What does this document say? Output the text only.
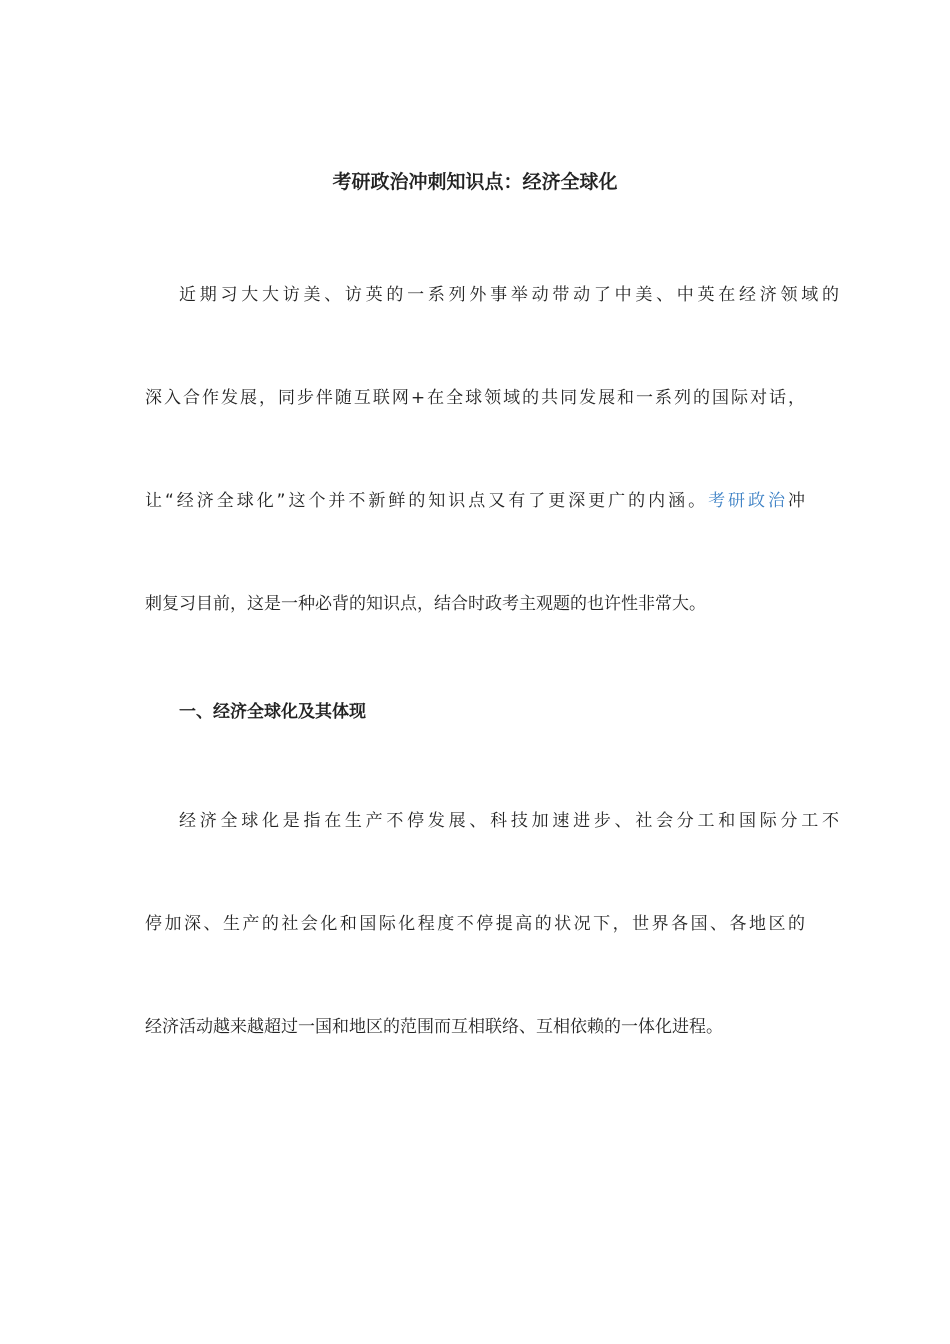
考研政治冲刺知识点：经济全球化
近期习大大访美、访英的一系列外事举动带动了中美、中英在经济领域的
深入合作发展，同步伴随互联网+在全球领域的共同发展和一系列的国际对话，
让“经济全球化”这个并不新鲜的知识点又有了更深更广的内涵。考研政治冲
刺复习目前，这是一种必背的知识点，结合时政考主观题的也许性非常大。
一、经济全球化及其体现
经济全球化是指在生产不停发展、科技加速进步、社会分工和国际分工不
停加深、生产的社会化和国际化程度不停提高的状况下，世界各国、各地区的
经济活动越来越超过一国和地区的范围而互相联络、互相依赖的一体化进程。
